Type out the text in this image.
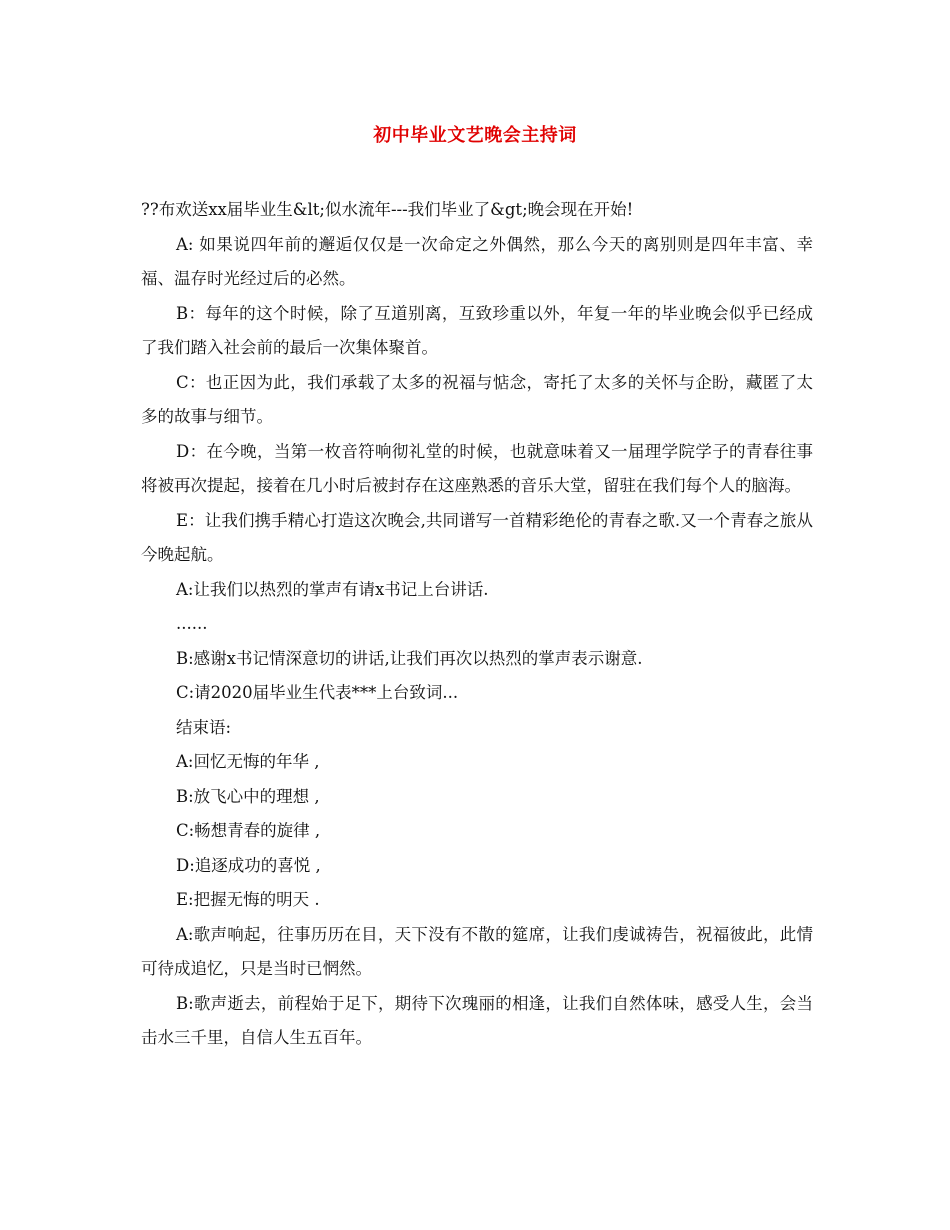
初中毕业文艺晚会主持词

??布欢送xx届毕业生&lt;似水流年---我们毕业了&gt;晚会现在开始!

A: 如果说四年前的邂逅仅仅是一次命定之外偶然，那么今天的离别则是四年丰富、幸福、温存时光经过后的必然。

B：每年的这个时候，除了互道别离，互致珍重以外，年复一年的毕业晚会似乎已经成了我们踏入社会前的最后一次集体聚首。

C：也正因为此，我们承载了太多的祝福与惦念，寄托了太多的关怀与企盼，藏匿了太多的故事与细节。

D：在今晚，当第一枚音符响彻礼堂的时候，也就意味着又一届理学院学子的青春往事将被再次提起，接着在几小时后被封存在这座熟悉的音乐大堂，留驻在我们每个人的脑海。

E：让我们携手精心打造这次晚会,共同谱写一首精彩绝伦的青春之歌.又一个青春之旅从今晚起航。

A:让我们以热烈的掌声有请x书记上台讲话.

......

B:感谢x书记情深意切的讲话,让我们再次以热烈的掌声表示谢意.

C:请2020届毕业生代表***上台致词...

结束语:

A:回忆无悔的年华 ,

B:放飞心中的理想 ,

C:畅想青春的旋律 ,

D:追逐成功的喜悦 ,

E:把握无悔的明天 .

A:歌声响起，往事历历在目，天下没有不散的筵席，让我们虔诚祷告，祝福彼此，此情可待成追忆，只是当时已惘然。

B:歌声逝去，前程始于足下，期待下次瑰丽的相逢，让我们自然体味，感受人生，会当击水三千里，自信人生五百年。
